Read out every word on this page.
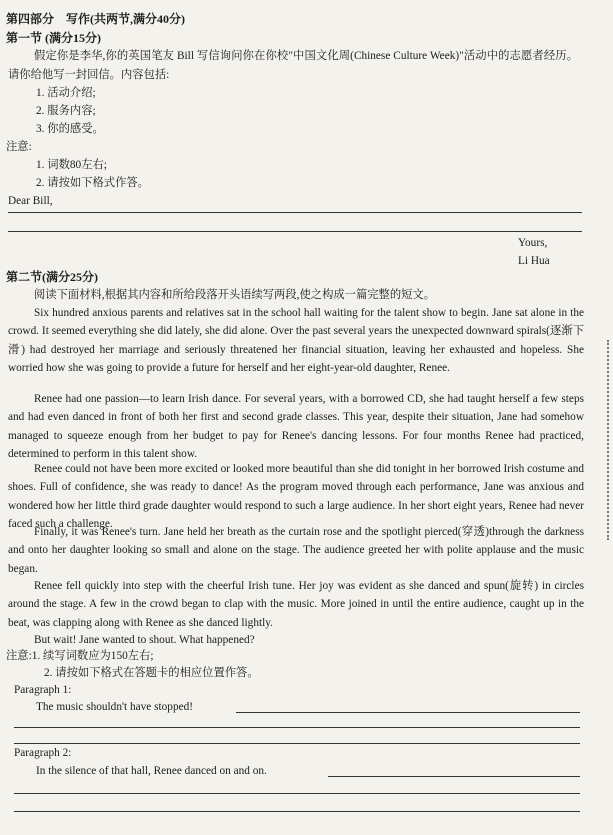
第四部分　写作(共两节,满分40分)
第一节 (满分15分)
假定你是李华,你的英国笔友 Bill 写信询问你在你校"中国文化周(Chinese Culture Week)"活动中的志愿者经历。请你给他写一封回信。内容包括:
1. 活动介绍;
2. 服务内容;
3. 你的感受。
注意:
1. 词数80左右;
2. 请按如下格式作答。
Dear Bill,
Yours,
Li Hua
第二节(满分25分)
阅读下面材料,根据其内容和所给段落开头语续写两段,使之构成一篇完整的短文。
Six hundred anxious parents and relatives sat in the school hall waiting for the talent show to begin. Jane sat alone in the crowd. It seemed everything she did lately, she did alone. Over the past several years the unexpected downward spirals(逐渐下滑) had destroyed her marriage and seriously threatened her financial situation, leaving her exhausted and hopeless. She worried how she was going to provide a future for herself and her eight-year-old daughter, Renee.
Renee had one passion—to learn Irish dance. For several years, with a borrowed CD, she had taught herself a few steps and had even danced in front of both her first and second grade classes. This year, despite their situation, Jane had somehow managed to squeeze enough from her budget to pay for Renee's dancing lessons. For four months Renee had practiced, determined to perform in this talent show.
Renee could not have been more excited or looked more beautiful than she did tonight in her borrowed Irish costume and shoes. Full of confidence, she was ready to dance! As the program moved through each performance, Jane was anxious and wondered how her little third grade daughter would respond to such a large audience. In her short eight years, Renee had never faced such a challenge.
Finally, it was Renee's turn. Jane held her breath as the curtain rose and the spotlight pierced(穿透)through the darkness and onto her daughter looking so small and alone on the stage. The audience greeted her with polite applause and the music began.
Renee fell quickly into step with the cheerful Irish tune. Her joy was evident as she danced and spun(旋转) in circles around the stage. A few in the crowd began to clap with the music. More joined in until the entire audience, caught up in the beat, was clapping along with Renee as she danced lightly.
But wait! Jane wanted to shout. What happened?
注意:1. 续写词数应为150左右;
2. 请按如下格式在答题卡的相应位置作答。
Paragraph 1:
The music shouldn't have stopped!
Paragraph 2:
In the silence of that hall, Renee danced on and on.
